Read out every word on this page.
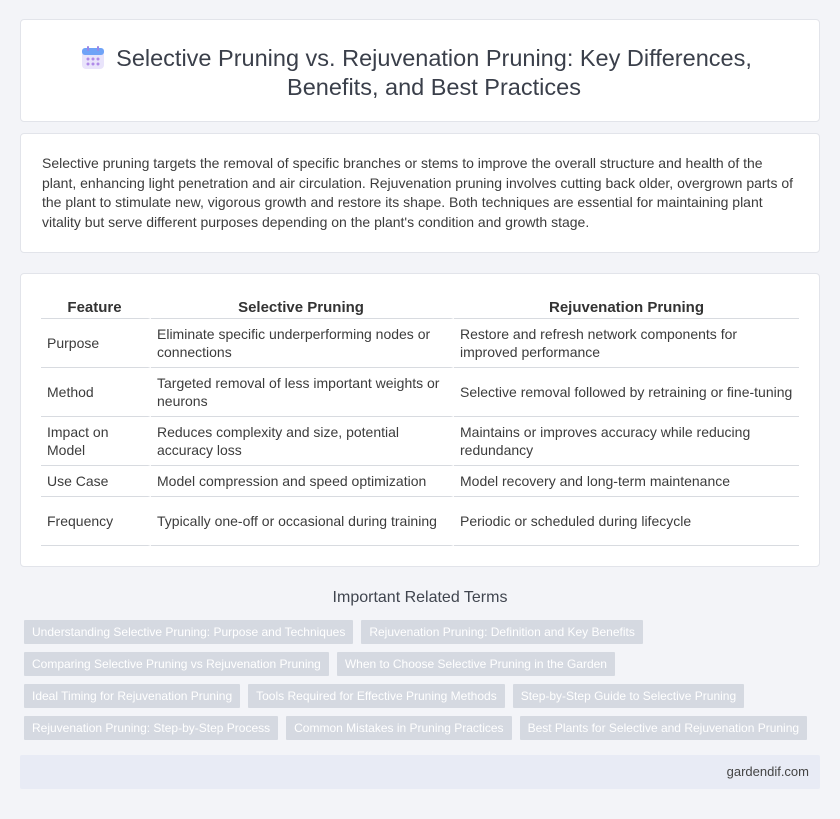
Selective Pruning vs. Rejuvenation Pruning: Key Differences, Benefits, and Best Practices

Selective pruning targets the removal of specific branches or stems to improve the overall structure and health of the plant, enhancing light penetration and air circulation. Rejuvenation pruning involves cutting back older, overgrown parts of the plant to stimulate new, vigorous growth and restore its shape. Both techniques are essential for maintaining plant vitality but serve different purposes depending on the plant's condition and growth stage.

Feature	Selective Pruning	Rejuvenation Pruning
Purpose	Eliminate specific underperforming nodes or connections	Restore and refresh network components for improved performance
Method	Targeted removal of less important weights or neurons	Selective removal followed by retraining or fine-tuning
Impact on Model	Reduces complexity and size, potential accuracy loss	Maintains or improves accuracy while reducing redundancy
Use Case	Model compression and speed optimization	Model recovery and long-term maintenance
Frequency	Typically one-off or occasional during training	Periodic or scheduled during lifecycle
Important Related Terms
Understanding Selective Pruning: Purpose and Techniques	Rejuvenation Pruning: Definition and Key Benefits
Comparing Selective Pruning vs Rejuvenation Pruning	When to Choose Selective Pruning in the Garden
Ideal Timing for Rejuvenation Pruning	Tools Required for Effective Pruning Methods	Step-by-Step Guide to Selective Pruning
Rejuvenation Pruning: Step-by-Step Process	Common Mistakes in Pruning Practices	Best Plants for Selective and Rejuvenation Pruning
gardendif.com
